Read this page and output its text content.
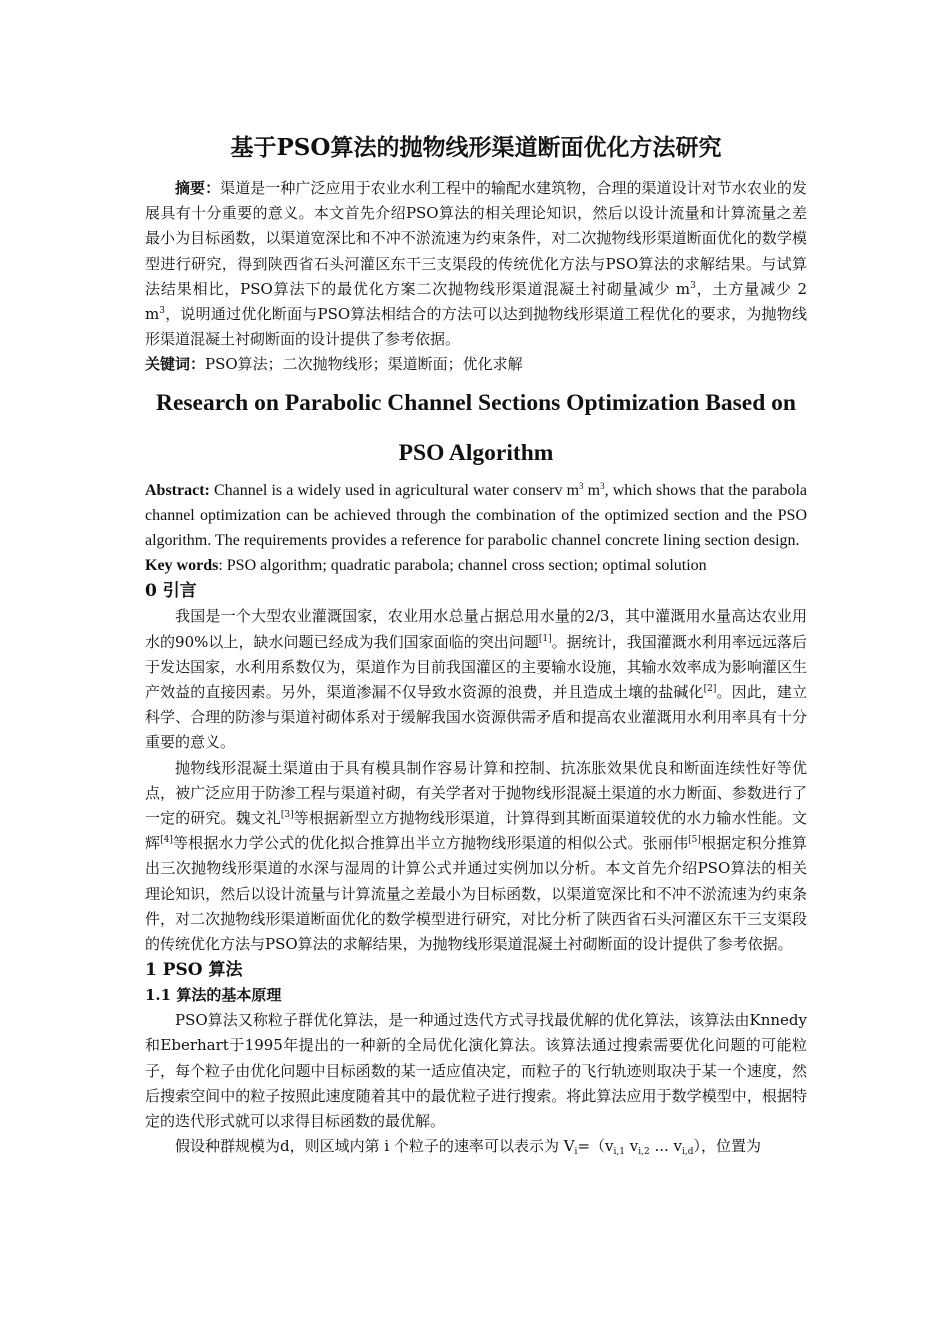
基于PSO算法的抛物线形渠道断面优化方法研究

摘要：渠道是一种广泛应用于农业水利工程中的输配水建筑物，合理的渠道设计对节水农业的发展具有十分重要的意义。本文首先介绍PSO算法的相关理论知识，然后以设计流量和计算流量之差最小为目标函数，以渠道宽深比和不冲不淤流速为约束条件，对二次抛物线形渠道断面优化的数学模型进行研究，得到陕西省石头河灌区东干三支渠段的传统优化方法与PSO算法的求解结果。与试算法结果相比，PSO算法下的最优化方案二次抛物线形渠道混凝土衬砌量减少 $m^3$，土方量减少 2 $m^3$，说明通过优化断面与PSO算法相结合的方法可以达到抛物线形渠道工程优化的要求，为抛物线形渠道混凝土衬砌断面的设计提供了参考依据。

关键词：PSO算法；二次抛物线形；渠道断面；优化求解

Research on Parabolic Channel Sections Optimization Based on
PSO Algorithm

Abstract: Channel is a widely used in agricultural water conserv $m^3$ $m^3$, which shows that the parabola channel optimization can be achieved through the combination of the optimized section and the PSO algorithm. The requirements provides a reference for parabolic channel concrete lining section design.

Key words: PSO algorithm; quadratic parabola; channel cross section; optimal solution

0 引言

我国是一个大型农业灌溉国家，农业用水总量占据总用水量的2/3，其中灌溉用水量高达农业用水的90%以上，缺水问题已经成为我们国家面临的突出问题[1]。据统计，我国灌溉水利用率远远落后于发达国家，水利用系数仅为，渠道作为目前我国灌区的主要输水设施，其输水效率成为影响灌区生产效益的直接因素。另外，渠道渗漏不仅导致水资源的浪费，并且造成土壤的盐碱化[2]。因此，建立科学、合理的防渗与渠道衬砌体系对于缓解我国水资源供需矛盾和提高农业灌溉用水利用率具有十分重要的意义。

抛物线形混凝土渠道由于具有模具制作容易计算和控制、抗冻胀效果优良和断面连续性好等优点，被广泛应用于防渗工程与渠道衬砌，有关学者对于抛物线形混凝土渠道的水力断面、参数进行了一定的研究。魏文礼[3]等根据新型立方抛物线形渠道，计算得到其断面渠道较优的水力输水性能。文辉[4]等根据水力学公式的优化拟合推算出半立方抛物线形渠道的相似公式。张丽伟[5]根据定积分推算出三次抛物线形渠道的水深与湿周的计算公式并通过实例加以分析。本文首先介绍PSO算法的相关理论知识，然后以设计流量与计算流量之差最小为目标函数，以渠道宽深比和不冲不淤流速为约束条件，对二次抛物线形渠道断面优化的数学模型进行研究，对比分析了陕西省石头河灌区东干三支渠段的传统优化方法与PSO算法的求解结果，为抛物线形渠道混凝土衬砌断面的设计提供了参考依据。

1 PSO 算法
1.1 算法的基本原理

PSO算法又称粒子群优化算法，是一种通过迭代方式寻找最优解的优化算法，该算法由Knnedy和Eberhart于1995年提出的一种新的全局优化演化算法。该算法通过搜索需要优化问题的可能粒子，每个粒子由优化问题中目标函数的某一适应值决定，而粒子的飞行轨迹则取决于某一个速度，然后搜索空间中的粒子按照此速度随着其中的最优粒子进行搜索。将此算法应用于数学模型中，根据特定的迭代形式就可以求得目标函数的最优解。

假设种群规模为d，则区域内第 i 个粒子的速率可以表示为 $V_i=(v_{i,1}$ $v_{i,2}$ ... $v_{i,d}$），位置为
